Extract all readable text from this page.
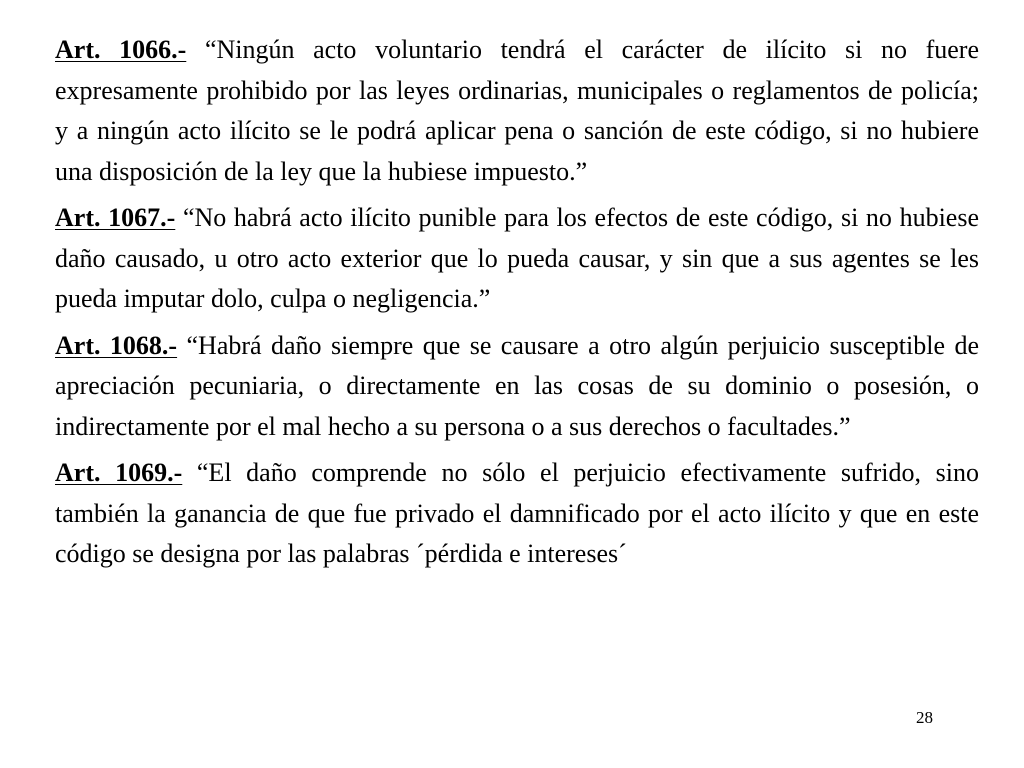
Art. 1066.- “Ningún acto voluntario tendrá el carácter de ilícito si no fuere expresamente prohibido por las leyes ordinarias, municipales o reglamentos de policía; y a ningún acto ilícito se le podrá aplicar pena o sanción de este código, si no hubiere una disposición de la ley que la hubiese impuesto.”

Art. 1067.- “No habrá acto ilícito punible para los efectos de este código, si no hubiese daño causado, u otro acto exterior que lo pueda causar, y sin que a sus agentes se les pueda imputar dolo, culpa o negligencia.”

Art. 1068.- “Habrá daño siempre que se causare a otro algún perjuicio susceptible de apreciación pecuniaria, o directamente en las cosas de su dominio o posesión, o indirectamente por el mal hecho a su persona o a sus derechos o facultades.”

Art. 1069.- “El daño comprende no sólo el perjuicio efectivamente sufrido, sino también la ganancia de que fue privado el damnificado por el acto ilícito y que en este código se designa por las palabras ´pérdida e intereses´

28
